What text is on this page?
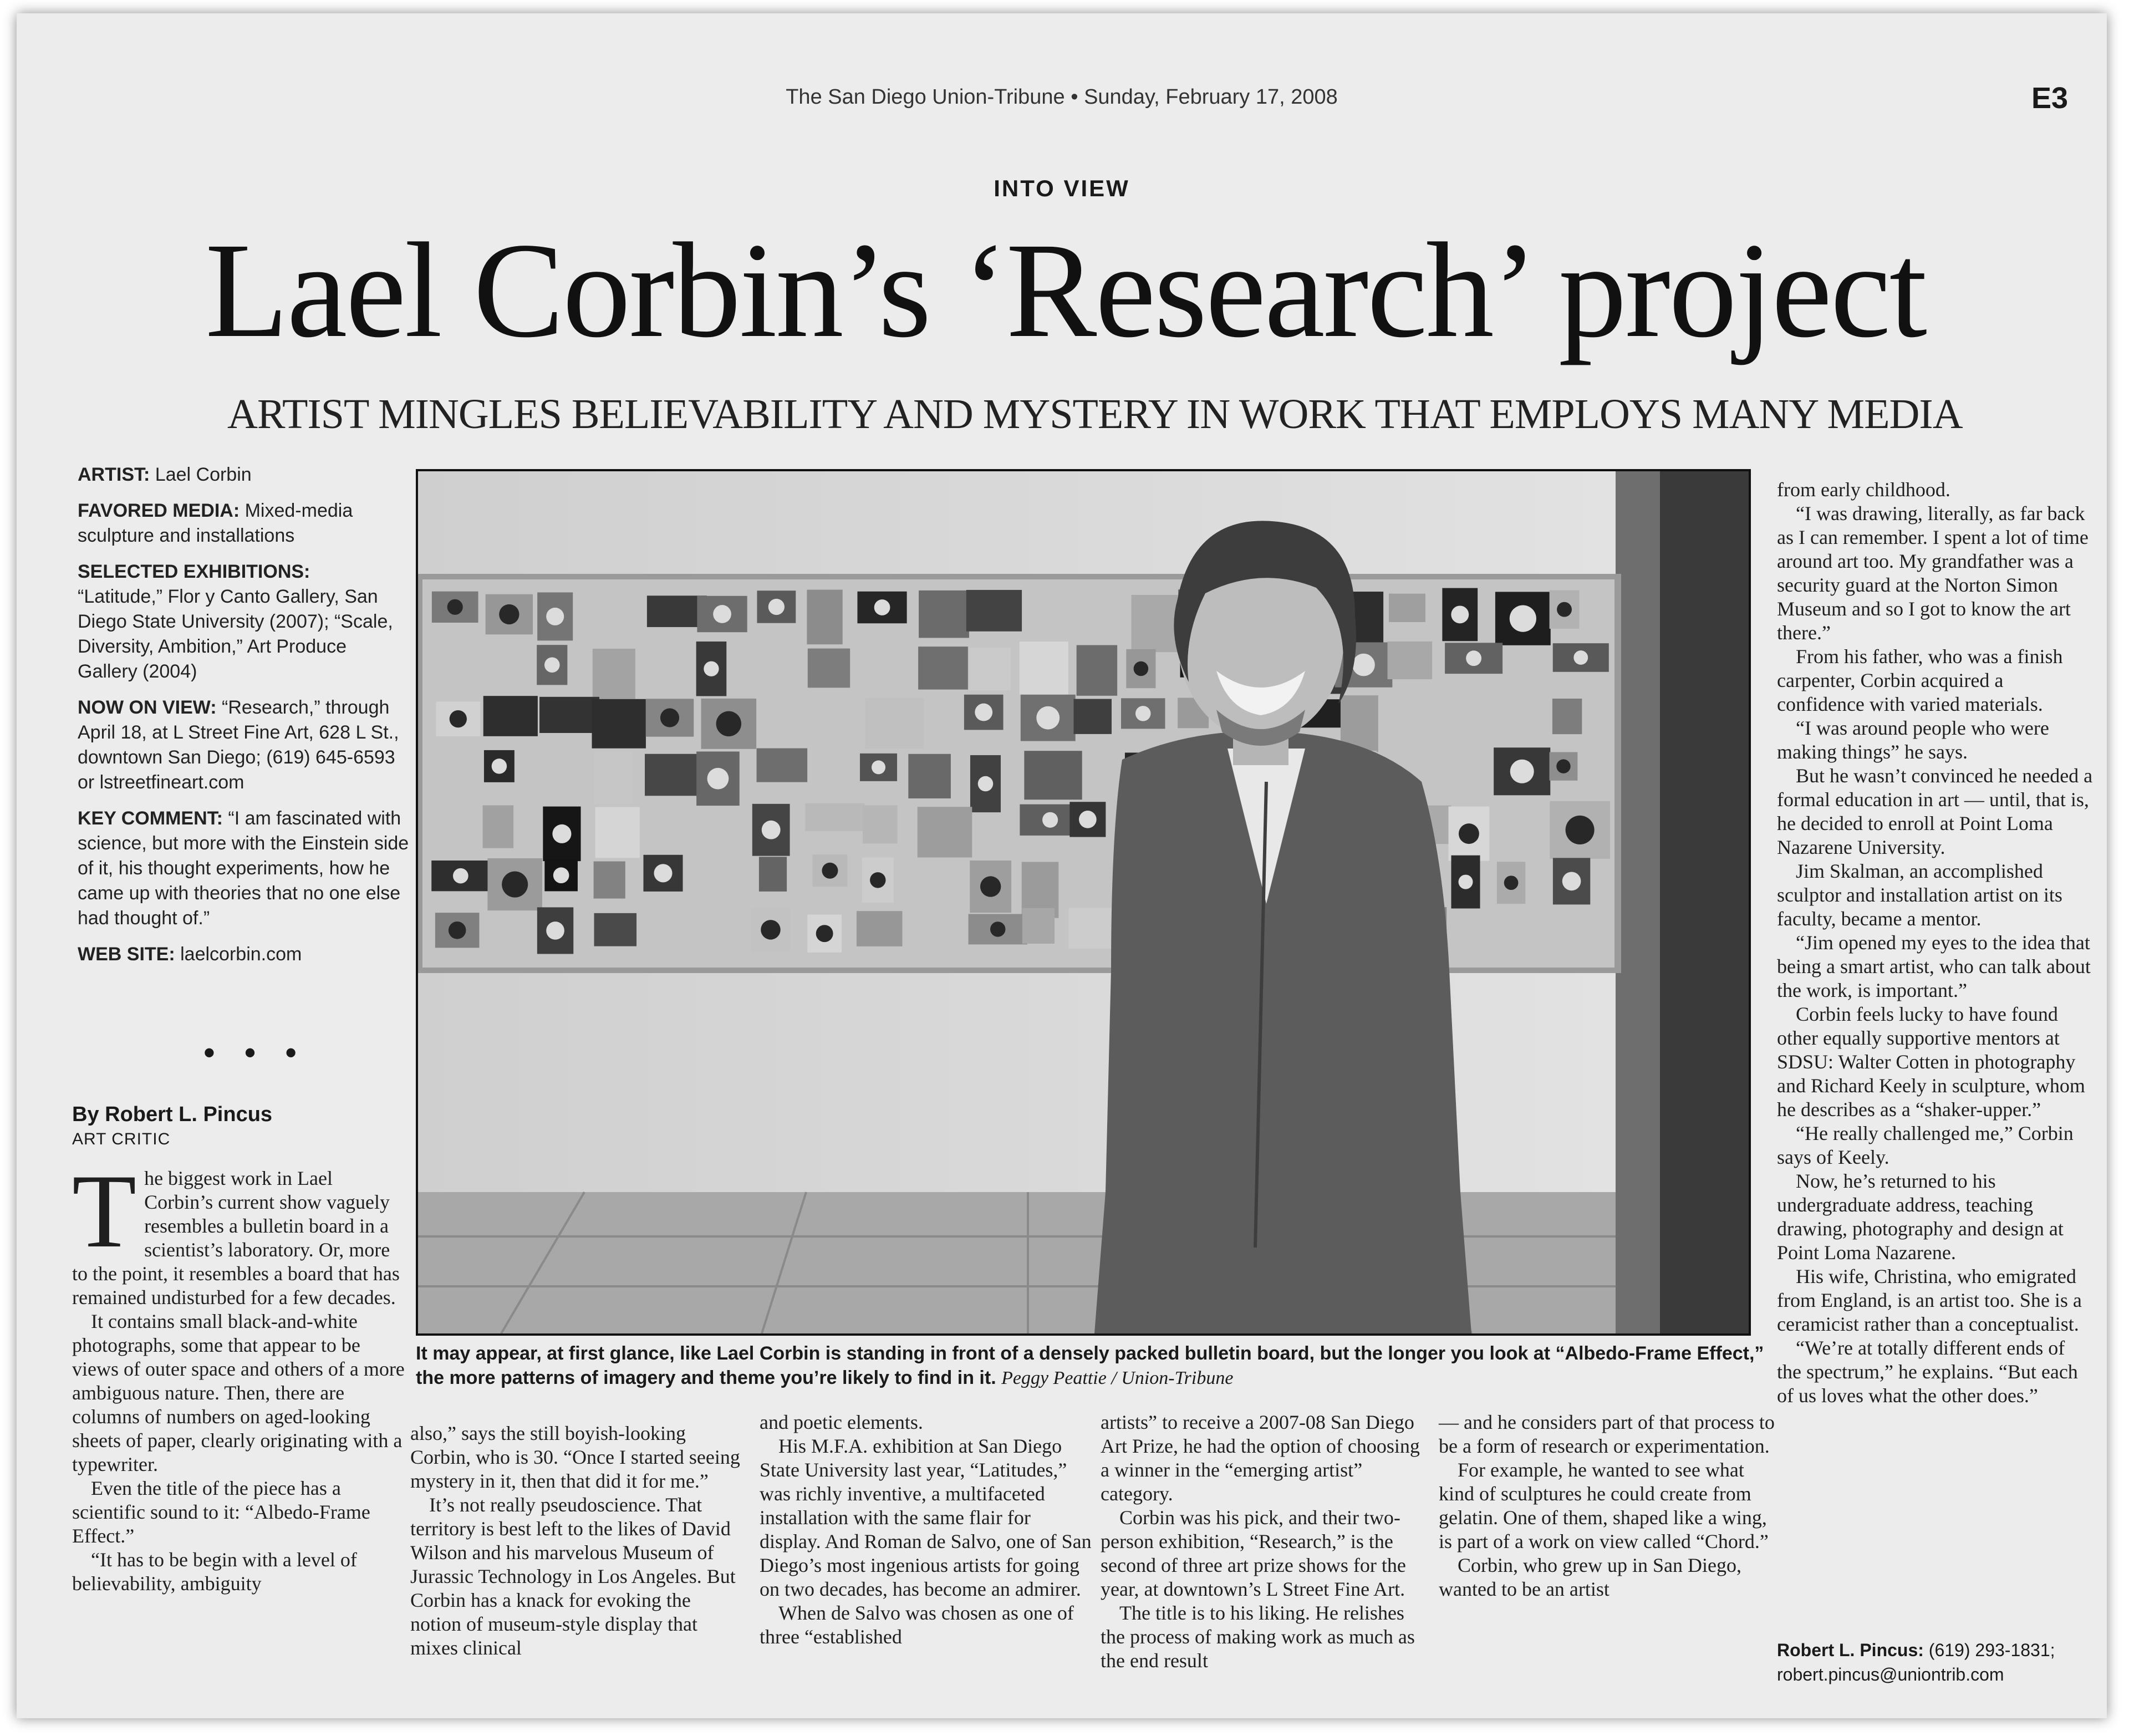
The San Diego Union-Tribune • Sunday, February 17, 2008	E3
INTO VIEW
Lael Corbin’s ‘Research’ project
ARTIST MINGLES BELIEVABILITY AND MYSTERY IN WORK THAT EMPLOYS MANY MEDIA

ARTIST: Lael Corbin

FAVORED MEDIA: Mixed-media sculpture and installations

SELECTED EXHIBITIONS:
“Latitude,” Flor y Canto Gallery, San Diego State University (2007); “Scale, Diversity, Ambition,” Art Produce Gallery (2004)

NOW ON VIEW: “Research,” through April 18, at L Street Fine Art, 628 L St., downtown San Diego; (619) 645-6593 or lstreetfineart.com

KEY COMMENT: “I am fascinated with science, but more with the Einstein side of it, his thought experiments, how he came up with theories that no one else had thought of.”

WEB SITE: laelcorbin.com

• • •
By Robert L. Pincus
ART CRITIC
It may appear, at first glance, like Lael Corbin is standing in front of a densely packed bulletin board, but the longer you look at “Albedo-Frame Effect,” the more patterns of imagery and theme you’re likely to find in it. Peggy Peattie / Union-Tribune

The biggest work in Lael Corbin’s current show vaguely resembles a bulletin board in a scientist’s laboratory. Or, more to the point, it resembles a board that has remained undisturbed for a few decades.

It contains small black-and-white photographs, some that appear to be views of outer space and others of a more ambiguous nature. Then, there are columns of numbers on aged-looking sheets of paper, clearly originating with a typewriter.

Even the title of the piece has a scientific sound to it: “Albedo-Frame Effect.”

“It has to be begin with a level of believability, ambiguity

also,” says the still boyish-looking Corbin, who is 30. “Once I started seeing mystery in it, then that did it for me.”

It’s not really pseudoscience. That territory is best left to the likes of David Wilson and his marvelous Museum of Jurassic Technology in Los Angeles. But Corbin has a knack for evoking the notion of museum-style display that mixes clinical

and poetic elements.

His M.F.A. exhibition at San Diego State University last year, “Latitudes,” was richly inventive, a multifaceted installation with the same flair for display. And Roman de Salvo, one of San Diego’s most ingenious artists for going on two decades, has become an admirer.

When de Salvo was chosen as one of three “established

artists” to receive a 2007-08 San Diego Art Prize, he had the option of choosing a winner in the “emerging artist” category.

Corbin was his pick, and their two-person exhibition, “Research,” is the second of three art prize shows for the year, at downtown’s L Street Fine Art.

The title is to his liking. He relishes the process of making work as much as the end result

— and he considers part of that process to be a form of research or experimentation.

For example, he wanted to see what kind of sculptures he could create from gelatin. One of them, shaped like a wing, is part of a work on view called “Chord.”

Corbin, who grew up in San Diego, wanted to be an artist

from early childhood.

“I was drawing, literally, as far back as I can remember. I spent a lot of time around art too. My grandfather was a security guard at the Norton Simon Museum and so I got to know the art there.”

From his father, who was a finish carpenter, Corbin acquired a confidence with varied materials.

“I was around people who were making things” he says.

But he wasn’t convinced he needed a formal education in art — until, that is, he decided to enroll at Point Loma Nazarene University.

Jim Skalman, an accomplished sculptor and installation artist on its faculty, became a mentor.

“Jim opened my eyes to the idea that being a smart artist, who can talk about the work, is important.”

Corbin feels lucky to have found other equally supportive mentors at SDSU: Walter Cotten in photography and Richard Keely in sculpture, whom he describes as a “shaker-upper.”

“He really challenged me,” Corbin says of Keely.

Now, he’s returned to his undergraduate address, teaching drawing, photography and design at Point Loma Nazarene.

His wife, Christina, who emigrated from England, is an artist too. She is a ceramicist rather than a conceptualist.

“We’re at totally different ends of the spectrum,” he explains. “But each of us loves what the other does.”

Robert L. Pincus: (619) 293-1831;
robert.pincus@uniontrib.com
